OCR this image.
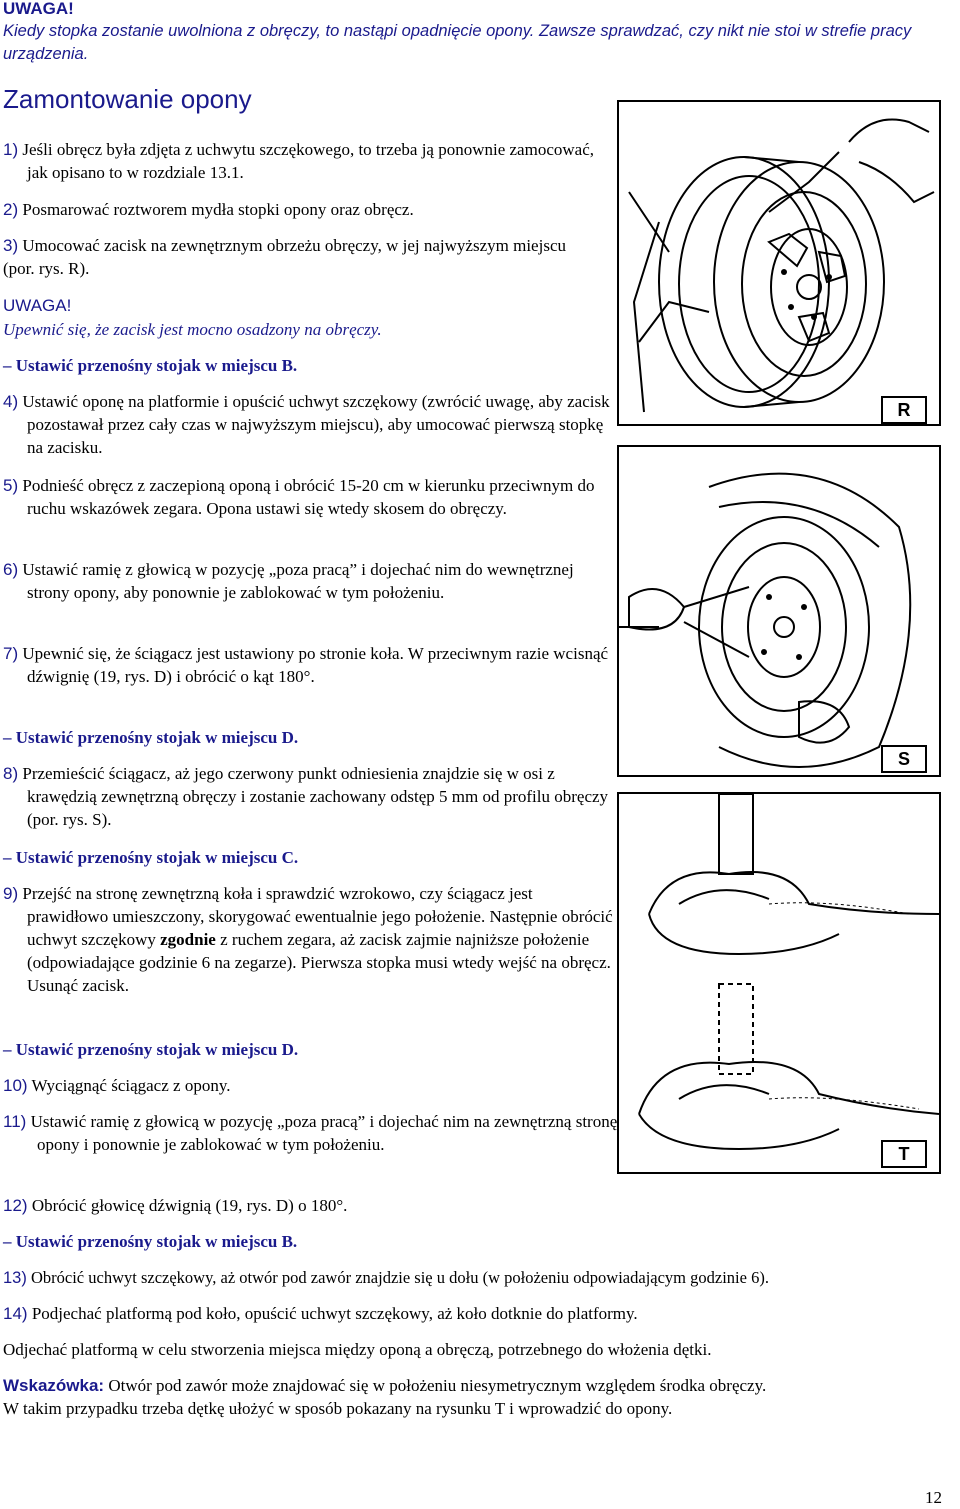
UWAGA!
Kiedy stopka zostanie uwolniona z obręczy, to nastąpi opadnięcie opony. Zawsze sprawdzać, czy nikt nie stoi w strefie pracy urządzenia.
Zamontowanie opony
1) Jeśli obręcz była zdjęta z uchwytu szczękowego, to trzeba ją ponownie zamocować, jak opisano to w rozdziale 13.1.
2) Posmarować roztworem mydła stopki opony oraz obręcz.
3) Umocować zacisk na zewnętrznym obrzeżu obręczy, w jej najwyższym miejscu (por. rys. R).
UWAGA!
Upewnić się, że zacisk jest mocno osadzony na obręczy.
– Ustawić przenośny stojak w miejscu B.
4) Ustawić oponę na platformie i opuścić uchwyt szczękowy (zwrócić uwagę, aby zacisk pozostawał przez cały czas w najwyższym miejscu), aby umocować pierwszą stopkę na zacisku.
5) Podnieść obręcz z zaczepioną oponą i obrócić 15-20 cm w kierunku przeciwnym do ruchu wskazówek zegara. Opona ustawi się wtedy skosem do obręczy.
6) Ustawić ramię z głowicą w pozycję „poza pracą” i dojechać nim do wewnętrznej strony opony, aby ponownie je zablokować w tym położeniu.
7) Upewnić się, że ściągacz jest ustawiony po stronie koła. W przeciwnym razie wcisnąć dźwignię (19, rys. D) i obrócić o kąt 180°.
– Ustawić przenośny stojak w miejscu D.
8) Przemieścić ściągacz, aż jego czerwony punkt odniesienia znajdzie się w osi z krawędzią zewnętrzną obręczy i zostanie zachowany odstęp 5 mm od profilu obręczy (por. rys. S).
– Ustawić przenośny stojak w miejscu C.
9) Przejść na stronę zewnętrzną koła i sprawdzić wzrokowo, czy ściągacz jest prawidłowo umieszczony, skorygować ewentualnie jego położenie. Następnie obrócić uchwyt szczękowy zgodnie z ruchem zegara, aż zacisk zajmie najniższe położenie (odpowiadające godzinie 6 na zegarze). Pierwsza stopka musi wtedy wejść na obręcz. Usunąć zacisk.
– Ustawić przenośny stojak w miejscu D.
10) Wyciągnąć ściągacz z opony.
11) Ustawić ramię z głowicą w pozycję „poza pracą” i dojechać nim na zewnętrzną stronę opony i ponownie je zablokować w tym położeniu.
12) Obrócić głowicę dźwignią (19, rys. D) o 180°.
– Ustawić przenośny stojak w miejscu B.
13) Obrócić uchwyt szczękowy, aż otwór pod zawór znajdzie się u dołu (w położeniu odpowiadającym godzinie 6).
14) Podjechać platformą pod koło, opuścić uchwyt szczękowy, aż koło dotknie do platformy.
Odjechać platformą w celu stworzenia miejsca między oponą a obręczą, potrzebnego do włożenia dętki.
Wskazówka: Otwór pod zawór może znajdować się w położeniu niesymetrycznym względem środka obręczy.
W takim przypadku trzeba dętkę ułożyć w sposób pokazany na rysunku T i wprowadzić do opony.
12
R
S
T
